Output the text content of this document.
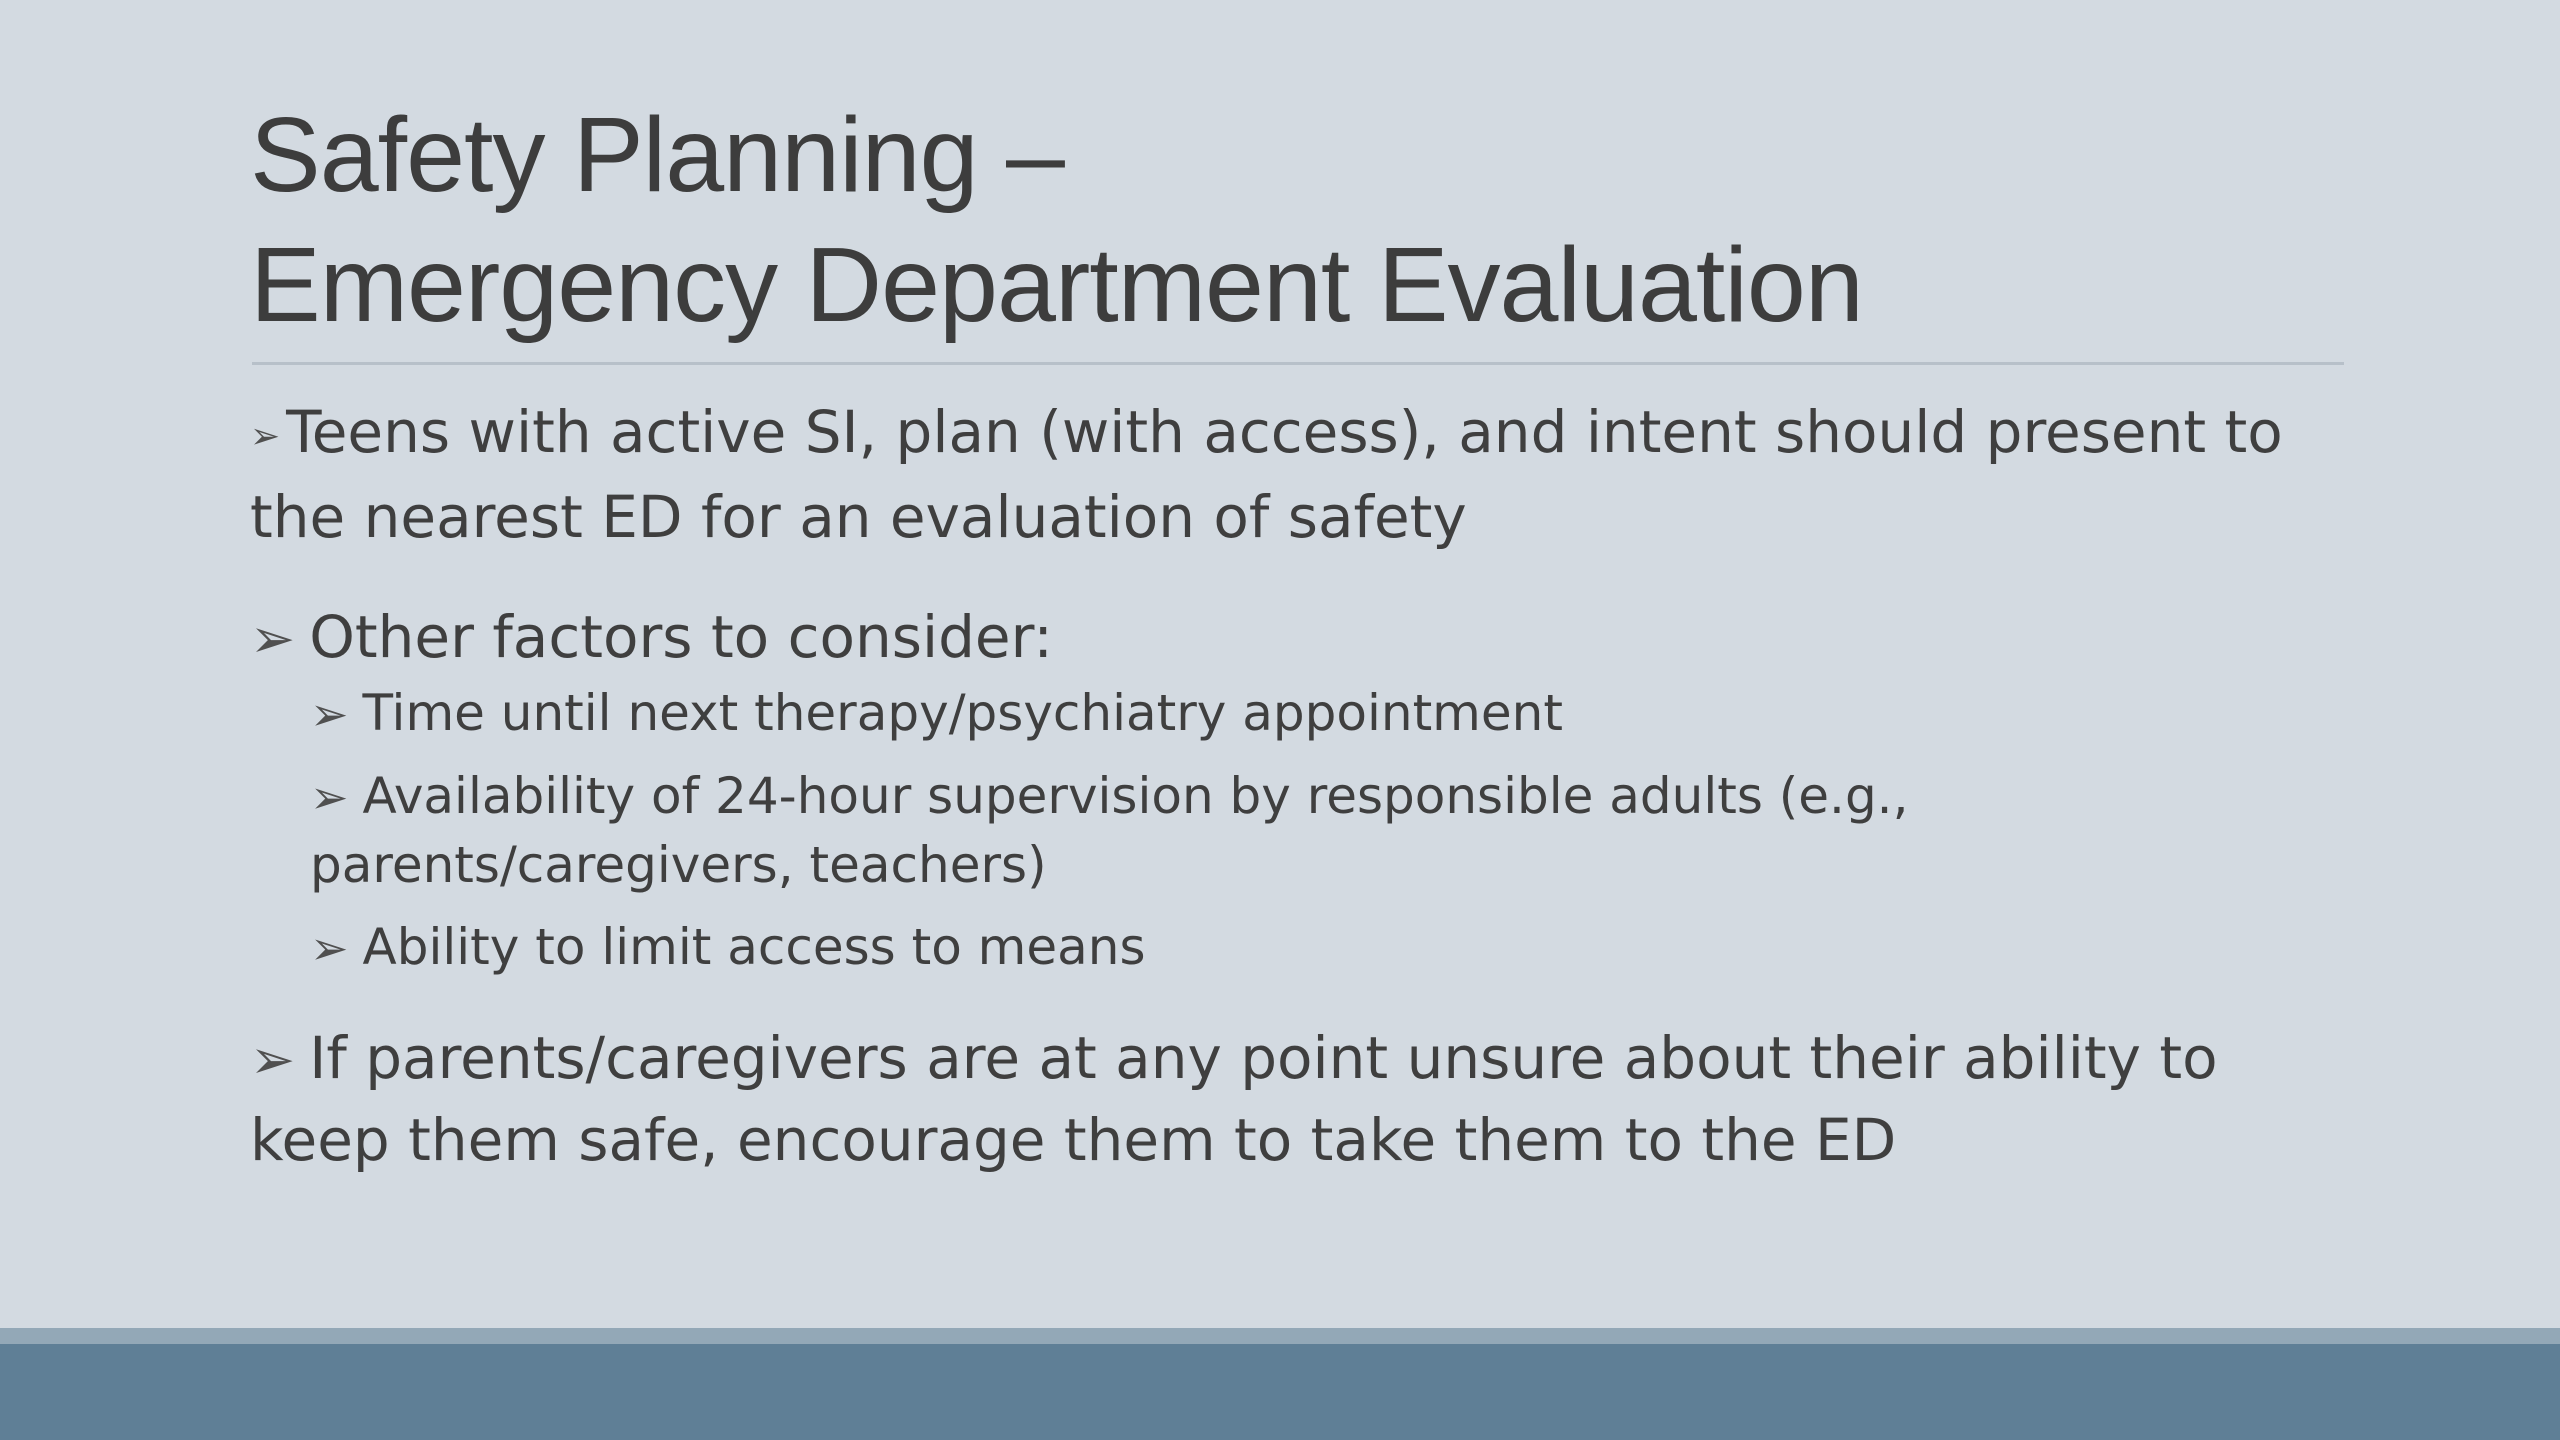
Safety Planning –
Emergency Department Evaluation

➢ Teens with active SI, plan (with access), and intent should present to the nearest ED for an evaluation of safety

➢ Other factors to consider:

➢ Time until next therapy/psychiatry appointment

➢ Availability of 24-hour supervision by responsible adults (e.g., parents/caregivers, teachers)

➢ Ability to limit access to means

➢ If parents/caregivers are at any point unsure about their ability to keep them safe, encourage them to take them to the ED
